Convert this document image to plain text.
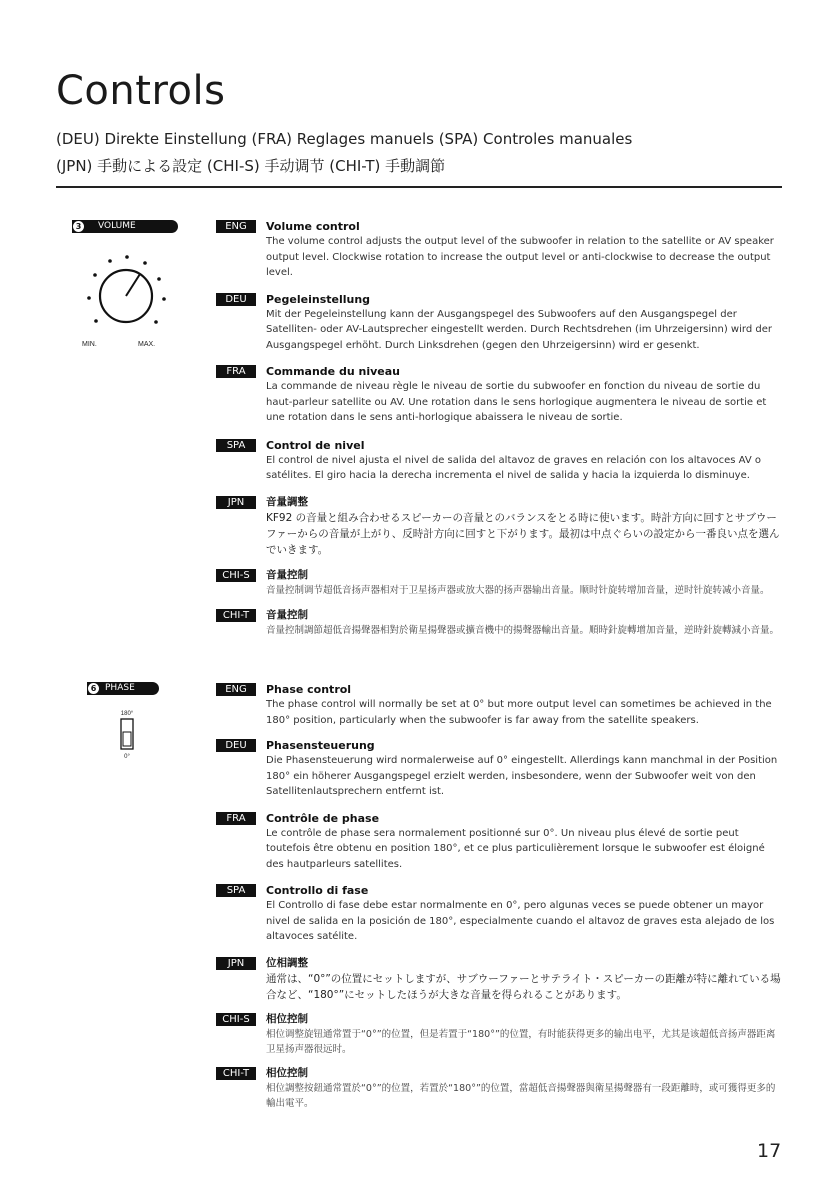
Controls
(DEU) Direkte Einstellung (FRA) Reglages manuels (SPA) Controles manuales
(JPN) 手動による設定 (CHI-S) 手动调节 (CHI-T) 手動調節
3	VOLUME
MIN.	MAX.
ENG	Volume control
The volume control adjusts the output level of the subwoofer in relation to the satellite or AV speaker output level. Clockwise rotation to increase the output level or anti-clockwise to decrease the output level.
DEU	Pegeleinstellung
Mit der Pegeleinstellung kann der Ausgangspegel des Subwoofers auf den Ausgangspegel der Satelliten- oder AV-Lautsprecher eingestellt werden. Durch Rechtsdrehen (im Uhrzeigersinn) wird der Ausgangspegel erhöht. Durch Linksdrehen (gegen den Uhrzeigersinn) wird er gesenkt.
FRA	Commande du niveau
La commande de niveau règle le niveau de sortie du subwoofer en fonction du niveau de sortie du haut-parleur satellite ou AV. Une rotation dans le sens horlogique augmentera le niveau de sortie et une rotation dans le sens anti-horlogique abaissera le niveau de sortie.
SPA	Control de nivel
El control de nivel ajusta el nivel de salida del altavoz de graves en relación con los altavoces AV o satélites. El giro hacia la derecha incrementa el nivel de salida y hacia la izquierda lo disminuye.
JPN	音量調整
KF92 の音量と組み合わせるスピーカーの音量とのバランスをとる時に使います。時計方向に回すとサブウーファーからの音量が上がり、反時計方向に回すと下がります。最初は中点ぐらいの設定から一番良い点を選んでいきます。
CHI-S	音量控制
音量控制调节超低音扬声器相对于卫星扬声器或放大器的扬声器输出音量。顺时针旋转增加音量，逆时针旋转减小音量。
CHI-T	音量控制
音量控制調節超低音揚聲器相對於衛星揚聲器或擴音機中的揚聲器輸出音量。順時針旋轉增加音量，逆時針旋轉減小音量。
6 PHASE
180°
0°
ENG	Phase control
The phase control will normally be set at 0° but more output level can sometimes be achieved in the 180° position, particularly when the subwoofer is far away from the satellite speakers.
DEU	Phasensteuerung
Die Phasensteuerung wird normalerweise auf 0° eingestellt. Allerdings kann manchmal in der Position 180° ein höherer Ausgangspegel erzielt werden, insbesondere, wenn der Subwoofer weit von den Satellitenlautsprechern entfernt ist.
FRA	Contrôle de phase
Le contrôle de phase sera normalement positionné sur 0°. Un niveau plus élevé de sortie peut toutefois être obtenu en position 180°, et ce plus particulièrement lorsque le subwoofer est éloigné des hautparleurs satellites.
SPA	Controllo di fase
El Controllo di fase debe estar normalmente en 0°, pero algunas veces se puede obtener un mayor nivel de salida en la posición de 180°, especialmente cuando el altavoz de graves esta alejado de los altavoces satélite.
JPN	位相調整
通常は、“0°”の位置にセットしますが、サブウーファーとサテライト・スピーカーの距離が特に離れている場合など、“180°”にセットしたほうが大きな音量を得られることがあります。
CHI-S	相位控制
相位调整旋钮通常置于“0°”的位置，但是若置于“180°”的位置，有时能获得更多的输出电平，尤其是该超低音扬声器距离卫星扬声器很远时。
CHI-T	相位控制
相位調整按鈕通常置於“0°”的位置，若置於“180°”的位置，當超低音揚聲器與衛星揚聲器有一段距離時，或可獲得更多的輸出電平。
17
